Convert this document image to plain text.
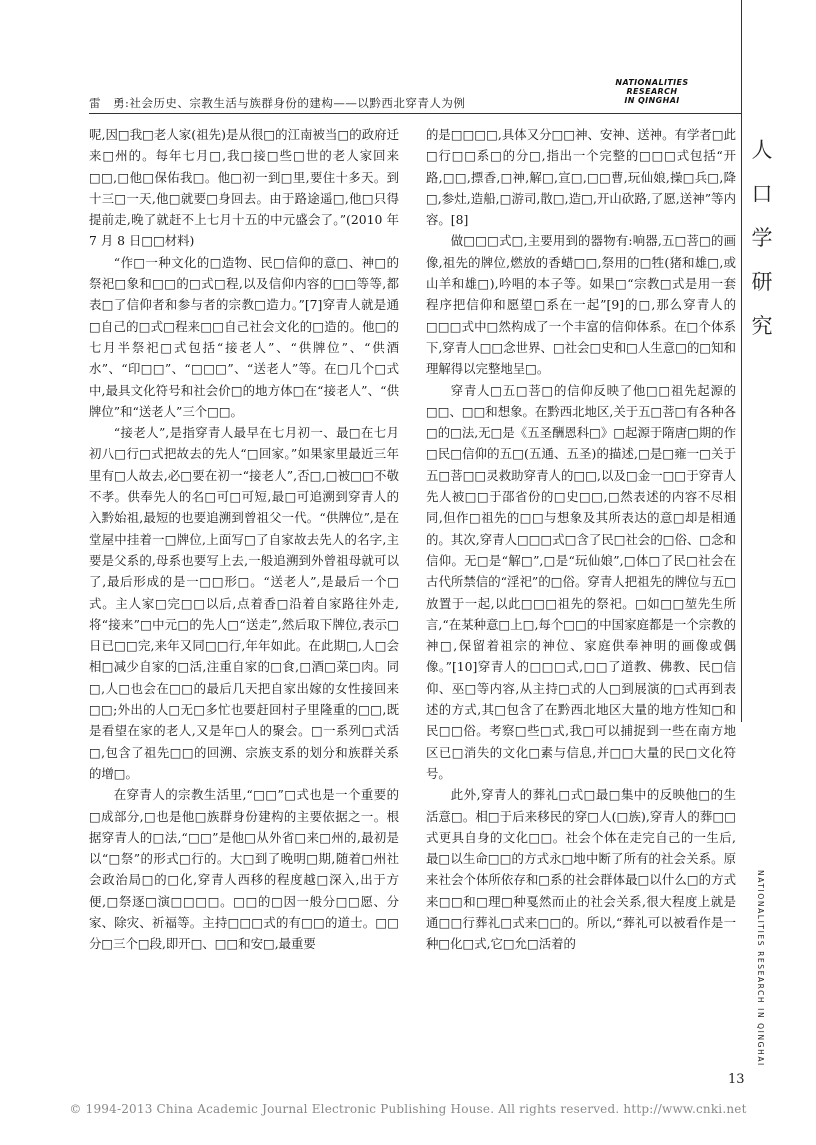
雷　勇:社会历史、宗教生活与族群身份的建构——以黔西北穿青人为例
NATIONALITIES
RESEARCH
IN QINGHAI
人
口
学
研
究
NATIONALITIES RESEARCH IN QINGHAI

呢,因□我□老人家(祖先)是从很□的江南被当□的政府迁来□州的。每年七月□,我□接□些□世的老人家回来□□,□他□保佑我□。他□初一到□里,要住十多天。到十三□一天,他□就要□身回去。由于路途遥□,他□只得提前走,晚了就赶不上七月十五的中元盛会了。”(2010 年 7 月 8 日□□材料)

“作□一种文化的□造物、民□信仰的意□、神□的祭祀□象和□□的□式□程,以及信仰内容的□□等等,都表□了信仰者和参与者的宗教□造力。”[7]穿青人就是通□自己的□式□程来□□自己社会文化的□造的。他□的七月半祭祀□式包括“接老人”、“供牌位”、“供酒水”、“印□□”、“□□□”、“送老人”等。在□几个□式中,最具文化符号和社会价□的地方体□在“接老人”、“供牌位”和“送老人”三个□□。

“接老人”,是指穿青人最早在七月初一、最□在七月初八□行□式把故去的先人“□回家。”如果家里最近三年里有□人故去,必□要在初一“接老人”,否□,□被□□不敬不孝。供奉先人的名□可□可短,最□可追溯到穿青人的入黔始祖,最短的也要追溯到曾祖父一代。“供牌位”,是在堂屋中挂着一□牌位,上面写□了自家故去先人的名字,主要是父系的,母系也要写上去,一般追溯到外曾祖母就可以了,最后形成的是一□□形□。“送老人”,是最后一个□式。主人家□完□□以后,点着香□沿着自家路往外走,将“接来”□中元□的先人□“送走”,然后取下牌位,表示□日已□□完,来年又同□□行,年年如此。在此期□,人□会相□减少自家的□活,注重自家的□食,□酒□菜□肉。同□,人□也会在□□的最后几天把自家出嫁的女性接回来□□;外出的人□无□多忙也要赶回村子里隆重的□□,既是看望在家的老人,又是年□人的聚会。□一系列□式活□,包含了祖先□□的回溯、宗族支系的划分和族群关系的增□。

在穿青人的宗教生活里,“□□”□式也是一个重要的□成部分,□也是他□族群身份建构的主要依据之一。根据穿青人的□法,“□□”是他□从外省□来□州的,最初是以“□祭”的形式□行的。大□到了晚明□期,随着□州社会政治局□的□化,穿青人西移的程度越□深入,出于方便,□祭逐□演□□□□。□□的□因一般分□□愿、分家、除灾、祈福等。主持□□□式的有□□的道士。□□分□三个□段,即开□、□□和安□,最重要

的是□□□□,具体又分□□神、安神、送神。有学者□此□行□□系□的分□,指出一个完整的□□□式包括“开路,□□,摽香,□神,解□,宣□,□□曹,玩仙娘,操□兵□,降□,参灶,造船,□游司,散□,造□,开山砍路,了愿,送神”等内容。[8]

做□□□式□,主要用到的器物有:响器,五□菩□的画像,祖先的牌位,燃放的香蜡□□,祭用的□牲(猪和雄□,或山羊和雄□),吟唱的本子等。如果□“宗教□式是用一套程序把信仰和愿望□系在一起”[9]的□,那么穿青人的□□□式中□然构成了一个丰富的信仰体系。在□个体系下,穿青人□□念世界、□社会□史和□人生意□的□知和理解得以完整地呈□。

穿青人□五□菩□的信仰反映了他□□祖先起源的□□、□□和想象。在黔西北地区,关于五□菩□有各种各□的□法,无□是《五圣酬恩科□》□起源于隋唐□期的作□民□信仰的五□(五通、五圣)的描述,□是□雍一□关于五□菩□□灵救助穿青人的□□,以及□金一□□于穿青人先人被□□于邵省份的□史□□,□然表述的内容不尽相同,但作□祖先的□□与想象及其所表达的意□却是相通的。其次,穿青人□□□式□含了民□社会的□俗、□念和信仰。无□是“解□”,□是“玩仙娘”,□体□了民□社会在古代所禁信的“淫祀”的□俗。穿青人把祖先的牌位与五□放置于一起,以此□□□祖先的祭祀。□如□□堃先生所言,“在某种意□上□,每个□□的中国家庭都是一个宗教的神□,保留着祖宗的神位、家庭供奉神明的画像或偶像。”[10]穿青人的□□□式,□□了道教、佛教、民□信仰、巫□等内容,从主持□式的人□到展演的□式再到表述的方式,其□包含了在黔西北地区大量的地方性知□和民□□俗。考察□些□式,我□可以捕捉到一些在南方地区已□消失的文化□素与信息,并□□大量的民□文化符号。

此外,穿青人的葬礼□式□最□集中的反映他□的生活意□。相□于后来移民的穿□人(□族),穿青人的葬□□式更具自身的文化□□。社会个体在走完自己的一生后,最□以生命□□的方式永□地中断了所有的社会关系。原来社会个体所依存和□系的社会群体最□以什么□的方式来□□和□理□种戛然而止的社会关系,很大程度上就是通□□行葬礼□式来□□的。所以,“葬礼可以被看作是一种□化□式,它□允□活着的

13
© 1994-2013 China Academic Journal Electronic Publishing House. All rights reserved. http://www.cnki.net
